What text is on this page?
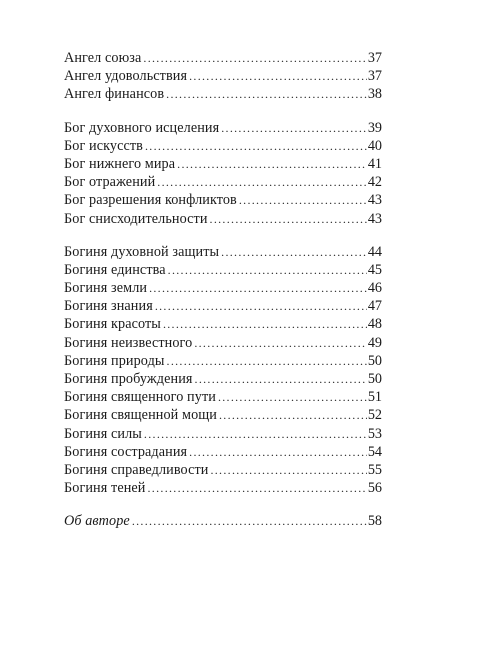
Ангел союза .....	37
Ангел удовольствия .....	37
Ангел финансов .....	38
Бог духовного исцеления .....	39
Бог искусств .....	40
Бог нижнего мира .....	41
Бог отражений .....	42
Бог разрешения конфликтов .....	43
Бог снисходительности .....	43
Богиня духовной защиты .....	44
Богиня единства .....	45
Богиня земли .....	46
Богиня знания .....	47
Богиня красоты .....	48
Богиня неизвестного .....	49
Богиня природы .....	50
Богиня пробуждения .....	50
Богиня священного пути .....	51
Богиня священной мощи .....	52
Богиня силы .....	53
Богиня сострадания .....	54
Богиня справедливости .....	55
Богиня теней .....	56
Об авторе .....	58
